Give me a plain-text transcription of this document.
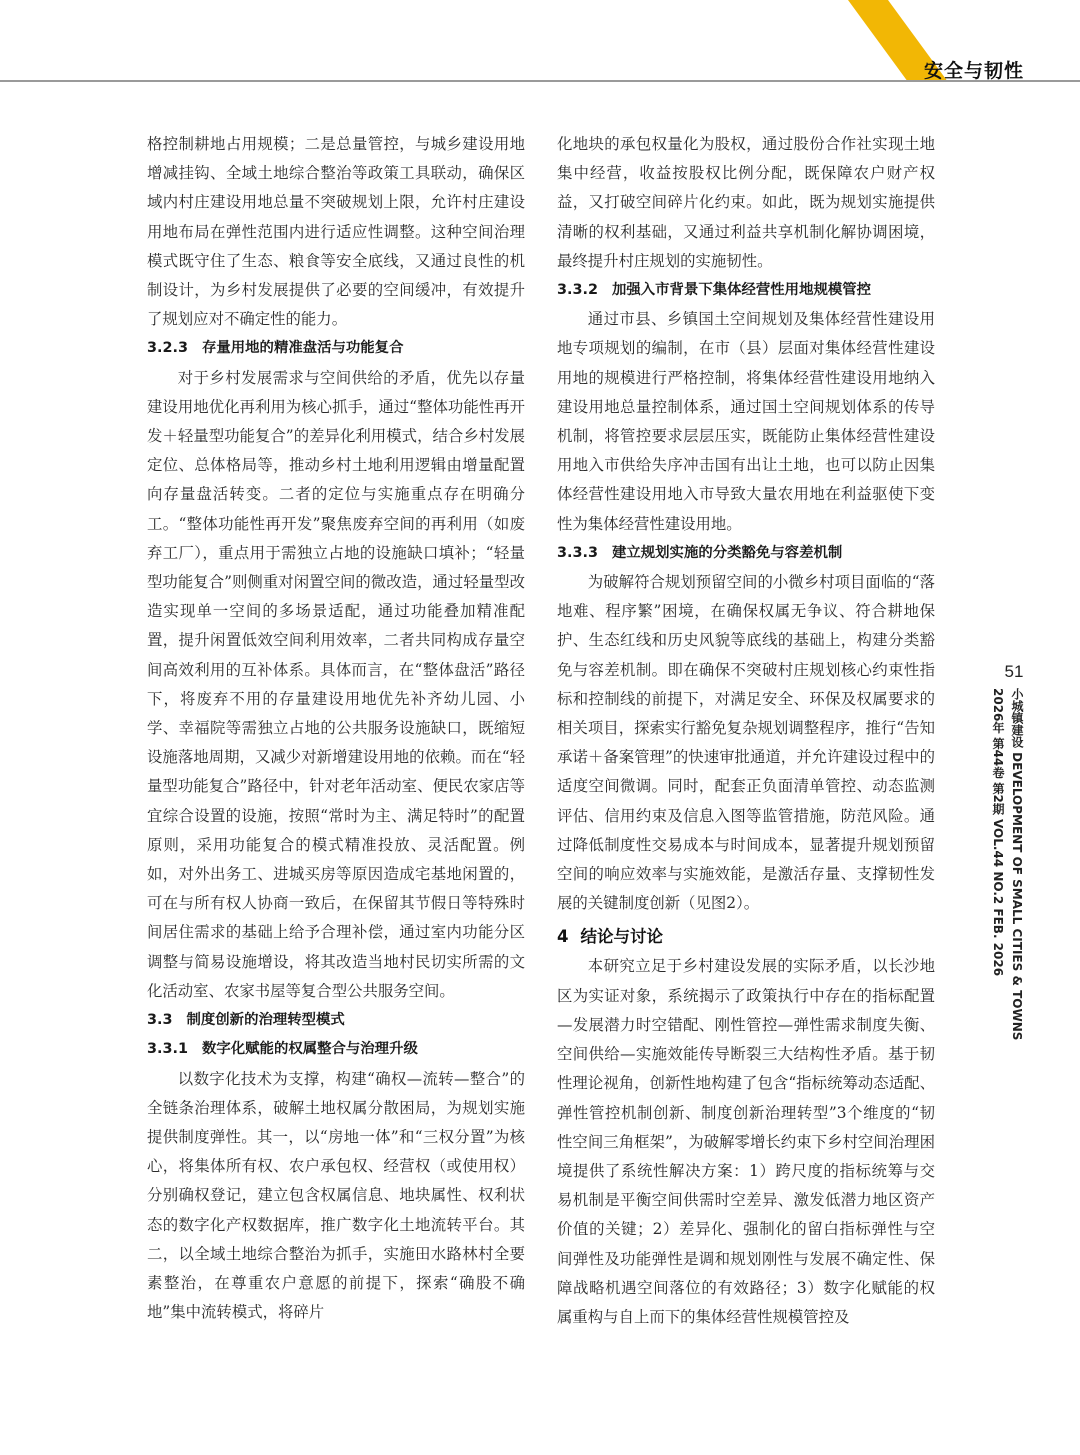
安全与韧性

格控制耕地占用规模；二是总量管控，与城乡建设用地增减挂钩、全域土地综合整治等政策工具联动，确保区域内村庄建设用地总量不突破规划上限，允许村庄建设用地布局在弹性范围内进行适应性调整。这种空间治理模式既守住了生态、粮食等安全底线，又通过良性的机制设计，为乡村发展提供了必要的空间缓冲，有效提升了规划应对不确定性的能力。

3.2.3 存量用地的精准盘活与功能复合

对于乡村发展需求与空间供给的矛盾，优先以存量建设用地优化再利用为核心抓手，通过“整体功能性再开发＋轻量型功能复合”的差异化利用模式，结合乡村发展定位、总体格局等，推动乡村土地利用逻辑由增量配置向存量盘活转变。二者的定位与实施重点存在明确分工。“整体功能性再开发”聚焦废弃空间的再利用（如废弃工厂），重点用于需独立占地的设施缺口填补；“轻量型功能复合”则侧重对闲置空间的微改造，通过轻量型改造实现单一空间的多场景适配，通过功能叠加精准配置，提升闲置低效空间利用效率，二者共同构成存量空间高效利用的互补体系。具体而言，在“整体盘活”路径下，将废弃不用的存量建设用地优先补齐幼儿园、小学、幸福院等需独立占地的公共服务设施缺口，既缩短设施落地周期，又减少对新增建设用地的依赖。而在“轻量型功能复合”路径中，针对老年活动室、便民农家店等宜综合设置的设施，按照“常时为主、满足特时”的配置原则，采用功能复合的模式精准投放、灵活配置。例如，对外出务工、进城买房等原因造成宅基地闲置的，可在与所有权人协商一致后，在保留其节假日等特殊时间居住需求的基础上给予合理补偿，通过室内功能分区调整与简易设施增设，将其改造当地村民切实所需的文化活动室、农家书屋等复合型公共服务空间。

3.3 制度创新的治理转型模式
3.3.1 数字化赋能的权属整合与治理升级

以数字化技术为支撑，构建“确权—流转—整合”的全链条治理体系，破解土地权属分散困局，为规划实施提供制度弹性。其一，以“房地一体”和“三权分置”为核心，将集体所有权、农户承包权、经营权（或使用权）分别确权登记，建立包含权属信息、地块属性、权利状态的数字化产权数据库，推广数字化土地流转平台。其二，以全域土地综合整治为抓手，实施田水路林村全要素整治，在尊重农户意愿的前提下，探索“确股不确地”集中流转模式，将碎片

化地块的承包权量化为股权，通过股份合作社实现土地集中经营，收益按股权比例分配，既保障农户财产权益，又打破空间碎片化约束。如此，既为规划实施提供清晰的权利基础，又通过利益共享机制化解协调困境，最终提升村庄规划的实施韧性。

3.3.2 加强入市背景下集体经营性用地规模管控

通过市县、乡镇国土空间规划及集体经营性建设用地专项规划的编制，在市（县）层面对集体经营性建设用地的规模进行严格控制，将集体经营性建设用地纳入建设用地总量控制体系，通过国土空间规划体系的传导机制，将管控要求层层压实，既能防止集体经营性建设用地入市供给失序冲击国有出让土地，也可以防止因集体经营性建设用地入市导致大量农用地在利益驱使下变性为集体经营性建设用地。

3.3.3 建立规划实施的分类豁免与容差机制

为破解符合规划预留空间的小微乡村项目面临的“落地难、程序繁”困境，在确保权属无争议、符合耕地保护、生态红线和历史风貌等底线的基础上，构建分类豁免与容差机制。即在确保不突破村庄规划核心约束性指标和控制线的前提下，对满足安全、环保及权属要求的相关项目，探索实行豁免复杂规划调整程序，推行“告知承诺＋备案管理”的快速审批通道，并允许建设过程中的适度空间微调。同时，配套正负面清单管控、动态监测评估、信用约束及信息入图等监管措施，防范风险。通过降低制度性交易成本与时间成本，显著提升规划预留空间的响应效率与实施效能，是激活存量、支撑韧性发展的关键制度创新（见图2）。

4 结论与讨论

本研究立足于乡村建设发展的实际矛盾，以长沙地区为实证对象，系统揭示了政策执行中存在的指标配置—发展潜力时空错配、刚性管控—弹性需求制度失衡、空间供给—实施效能传导断裂三大结构性矛盾。基于韧性理论视角，创新性地构建了包含“指标统筹动态适配、弹性管控机制创新、制度创新治理转型”3个维度的“韧性空间三角框架”，为破解零增长约束下乡村空间治理困境提供了系统性解决方案：1）跨尺度的指标统筹与交易机制是平衡空间供需时空差异、激发低潜力地区资产价值的关键；2）差异化、强制化的留白指标弹性与空间弹性及功能弹性是调和规划刚性与发展不确定性、保障战略机遇空间落位的有效路径；3）数字化赋能的权属重构与自上而下的集体经营性规模管控及

51
小城镇建设 DEVELOPMENT OF SMALL CITIES & TOWNS
2026年 第44卷 第2期 VOL.44 NO.2 FEB. 2026
